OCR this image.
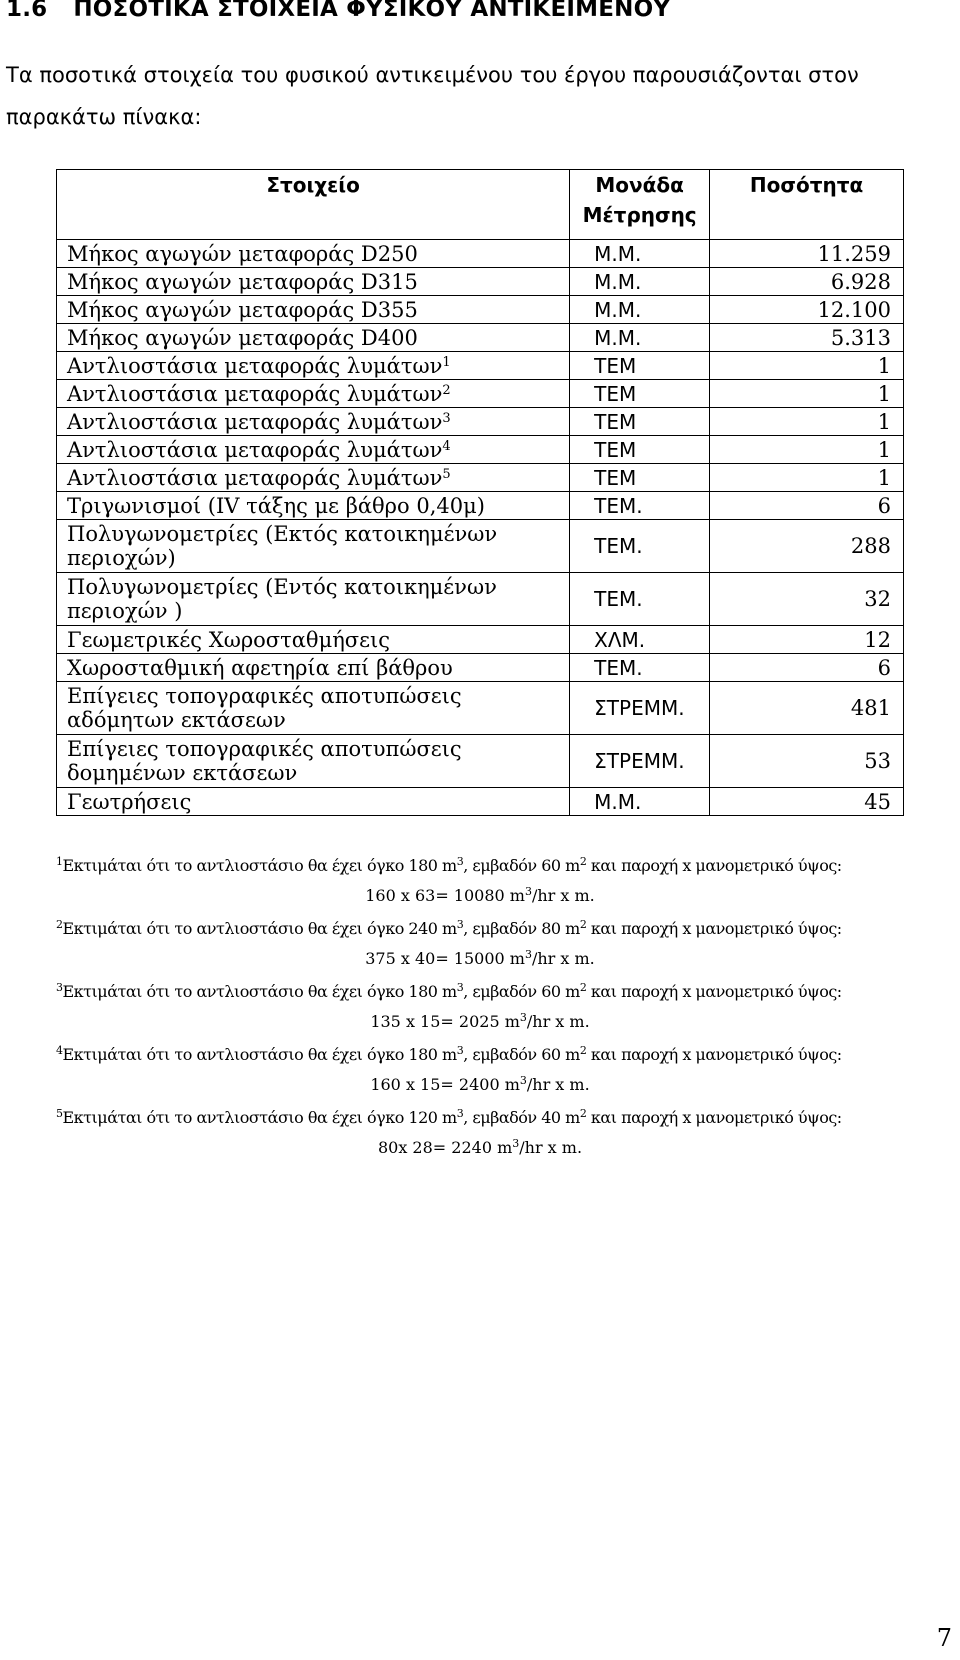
1.6 ΠΟΣΟΤΙΚΑ ΣΤΟΙΧΕΙΑ ΦΥΣΙΚΟΥ ΑΝΤΙΚΕΙΜΕΝΟΥ
Τα ποσοτικά στοιχεία του φυσικού αντικειμένου του έργου παρουσιάζονται στον παρακάτω πίνακα:
Στοιχείο	Μονάδα Μέτρησης	Ποσότητα
Μήκος αγωγών μεταφοράς D250	Μ.Μ.	11.259
Μήκος αγωγών μεταφοράς D315	Μ.Μ.	6.928
Μήκος αγωγών μεταφοράς D355	Μ.Μ.	12.100
Μήκος αγωγών μεταφοράς D400	Μ.Μ.	5.313
Αντλιοστάσια μεταφοράς λυμάτων$^1$	ΤΕΜ	1
Αντλιοστάσια μεταφοράς λυμάτων$^2$	ΤΕΜ	1
Αντλιοστάσια μεταφοράς λυμάτων$^3$	ΤΕΜ	1
Αντλιοστάσια μεταφοράς λυμάτων$^4$	ΤΕΜ	1
Αντλιοστάσια μεταφοράς λυμάτων$^5$	ΤΕΜ	1
Τριγωνισμοί (IV τάξης με βάθρο 0,40μ)	ΤΕΜ.	6
Πολυγωνομετρίες (Εκτός κατοικημένων περιοχών)	ΤΕΜ.	288
Πολυγωνομετρίες (Εντός κατοικημένων περιοχών )	ΤΕΜ.	32
Γεωμετρικές Χωροσταθμήσεις	ΧΛΜ.	12
Χωροσταθμική αφετηρία επί βάθρου	ΤΕΜ.	6
Επίγειες τοπογραφικές αποτυπώσεις αδόμητων εκτάσεων	ΣΤΡΕΜΜ.	481
Επίγειες τοπογραφικές αποτυπώσεις δομημένων εκτάσεων	ΣΤΡΕΜΜ.	53
Γεωτρήσεις	Μ.Μ.	45
$^1$Εκτιμάται ότι το αντλιοστάσιο θα έχει όγκο 180 $m^3$, εμβαδόν 60 $m^2$ και παροχή x μανομετρικό ύψος:
160 x 63= 10080 $m^3/hr$ x m.
$^2$Εκτιμάται ότι το αντλιοστάσιο θα έχει όγκο 240 $m^3$, εμβαδόν 80 $m^2$ και παροχή x μανομετρικό ύψος:
375 x 40= 15000 $m^3/hr$ x m.
$^3$Εκτιμάται ότι το αντλιοστάσιο θα έχει όγκο 180 $m^3$, εμβαδόν 60 $m^2$ και παροχή x μανομετρικό ύψος:
135 x 15= 2025 $m^3/hr$ x m.
$^4$Εκτιμάται ότι το αντλιοστάσιο θα έχει όγκο 180 $m^3$, εμβαδόν 60 $m^2$ και παροχή x μανομετρικό ύψος:
160 x 15= 2400 $m^3/hr$ x m.
$^5$Εκτιμάται ότι το αντλιοστάσιο θα έχει όγκο 120 $m^3$, εμβαδόν 40 $m^2$ και παροχή x μανομετρικό ύψος:
80x 28= 2240 $m^3/hr$ x m.
7
